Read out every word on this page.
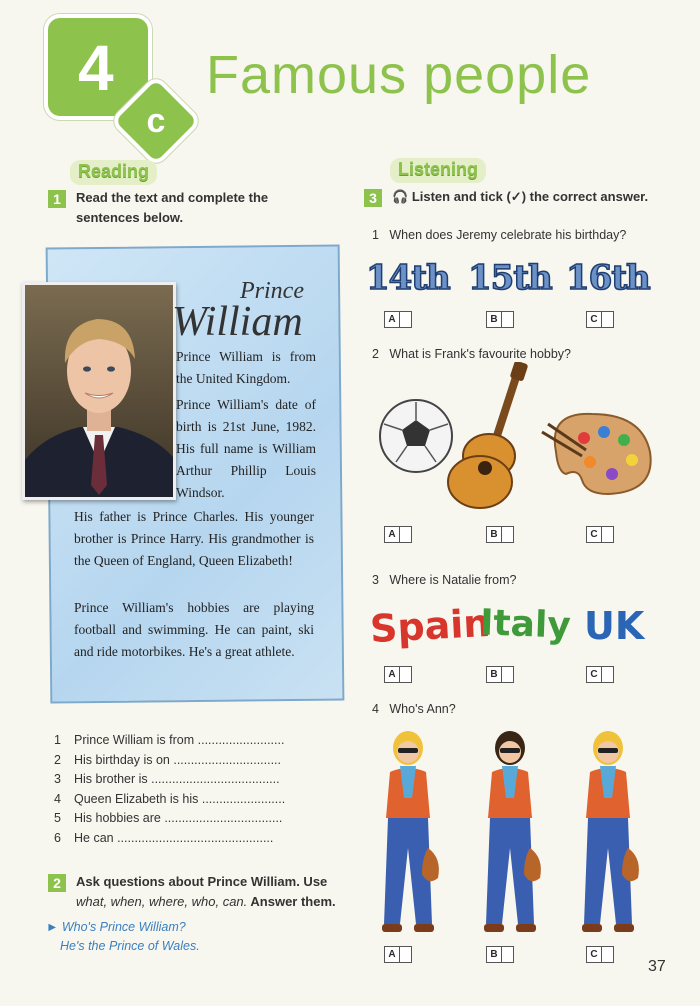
4
c
Famous people
Reading
1	Read the text and complete the
sentences below.
Prince
William
Prince William is from the United Kingdom.
Prince William's date of birth is 21st June, 1982. His full name is William Arthur Phillip Louis Windsor.
His father is Prince Charles. His younger brother is Prince Harry. His grandmother is the Queen of England, Queen Elizabeth!
Prince William's hobbies are playing football and swimming. He can paint, ski and ride motorbikes. He's a great athlete.
1	Prince William is from .........................
2	His birthday is on ...............................
3	His brother is .....................................
4	Queen Elizabeth is his ........................
5	His hobbies are ..................................
6	He can .............................................
2	Ask questions about Prince William. Use
what, when, where, who, can. Answer them.
► Who's Prince William?
He's the Prince of Wales.
Listening
3	🎧 Listen and tick (✓) the correct answer.
1 When does Jeremy celebrate his birthday?
14th 15th 16th
A	B	C
2 What is Frank's favourite hobby?
A	B	C
3 Where is Natalie from?
Spain
Italy UK
A	B	C
4 Who's Ann?
A	B	C
37
